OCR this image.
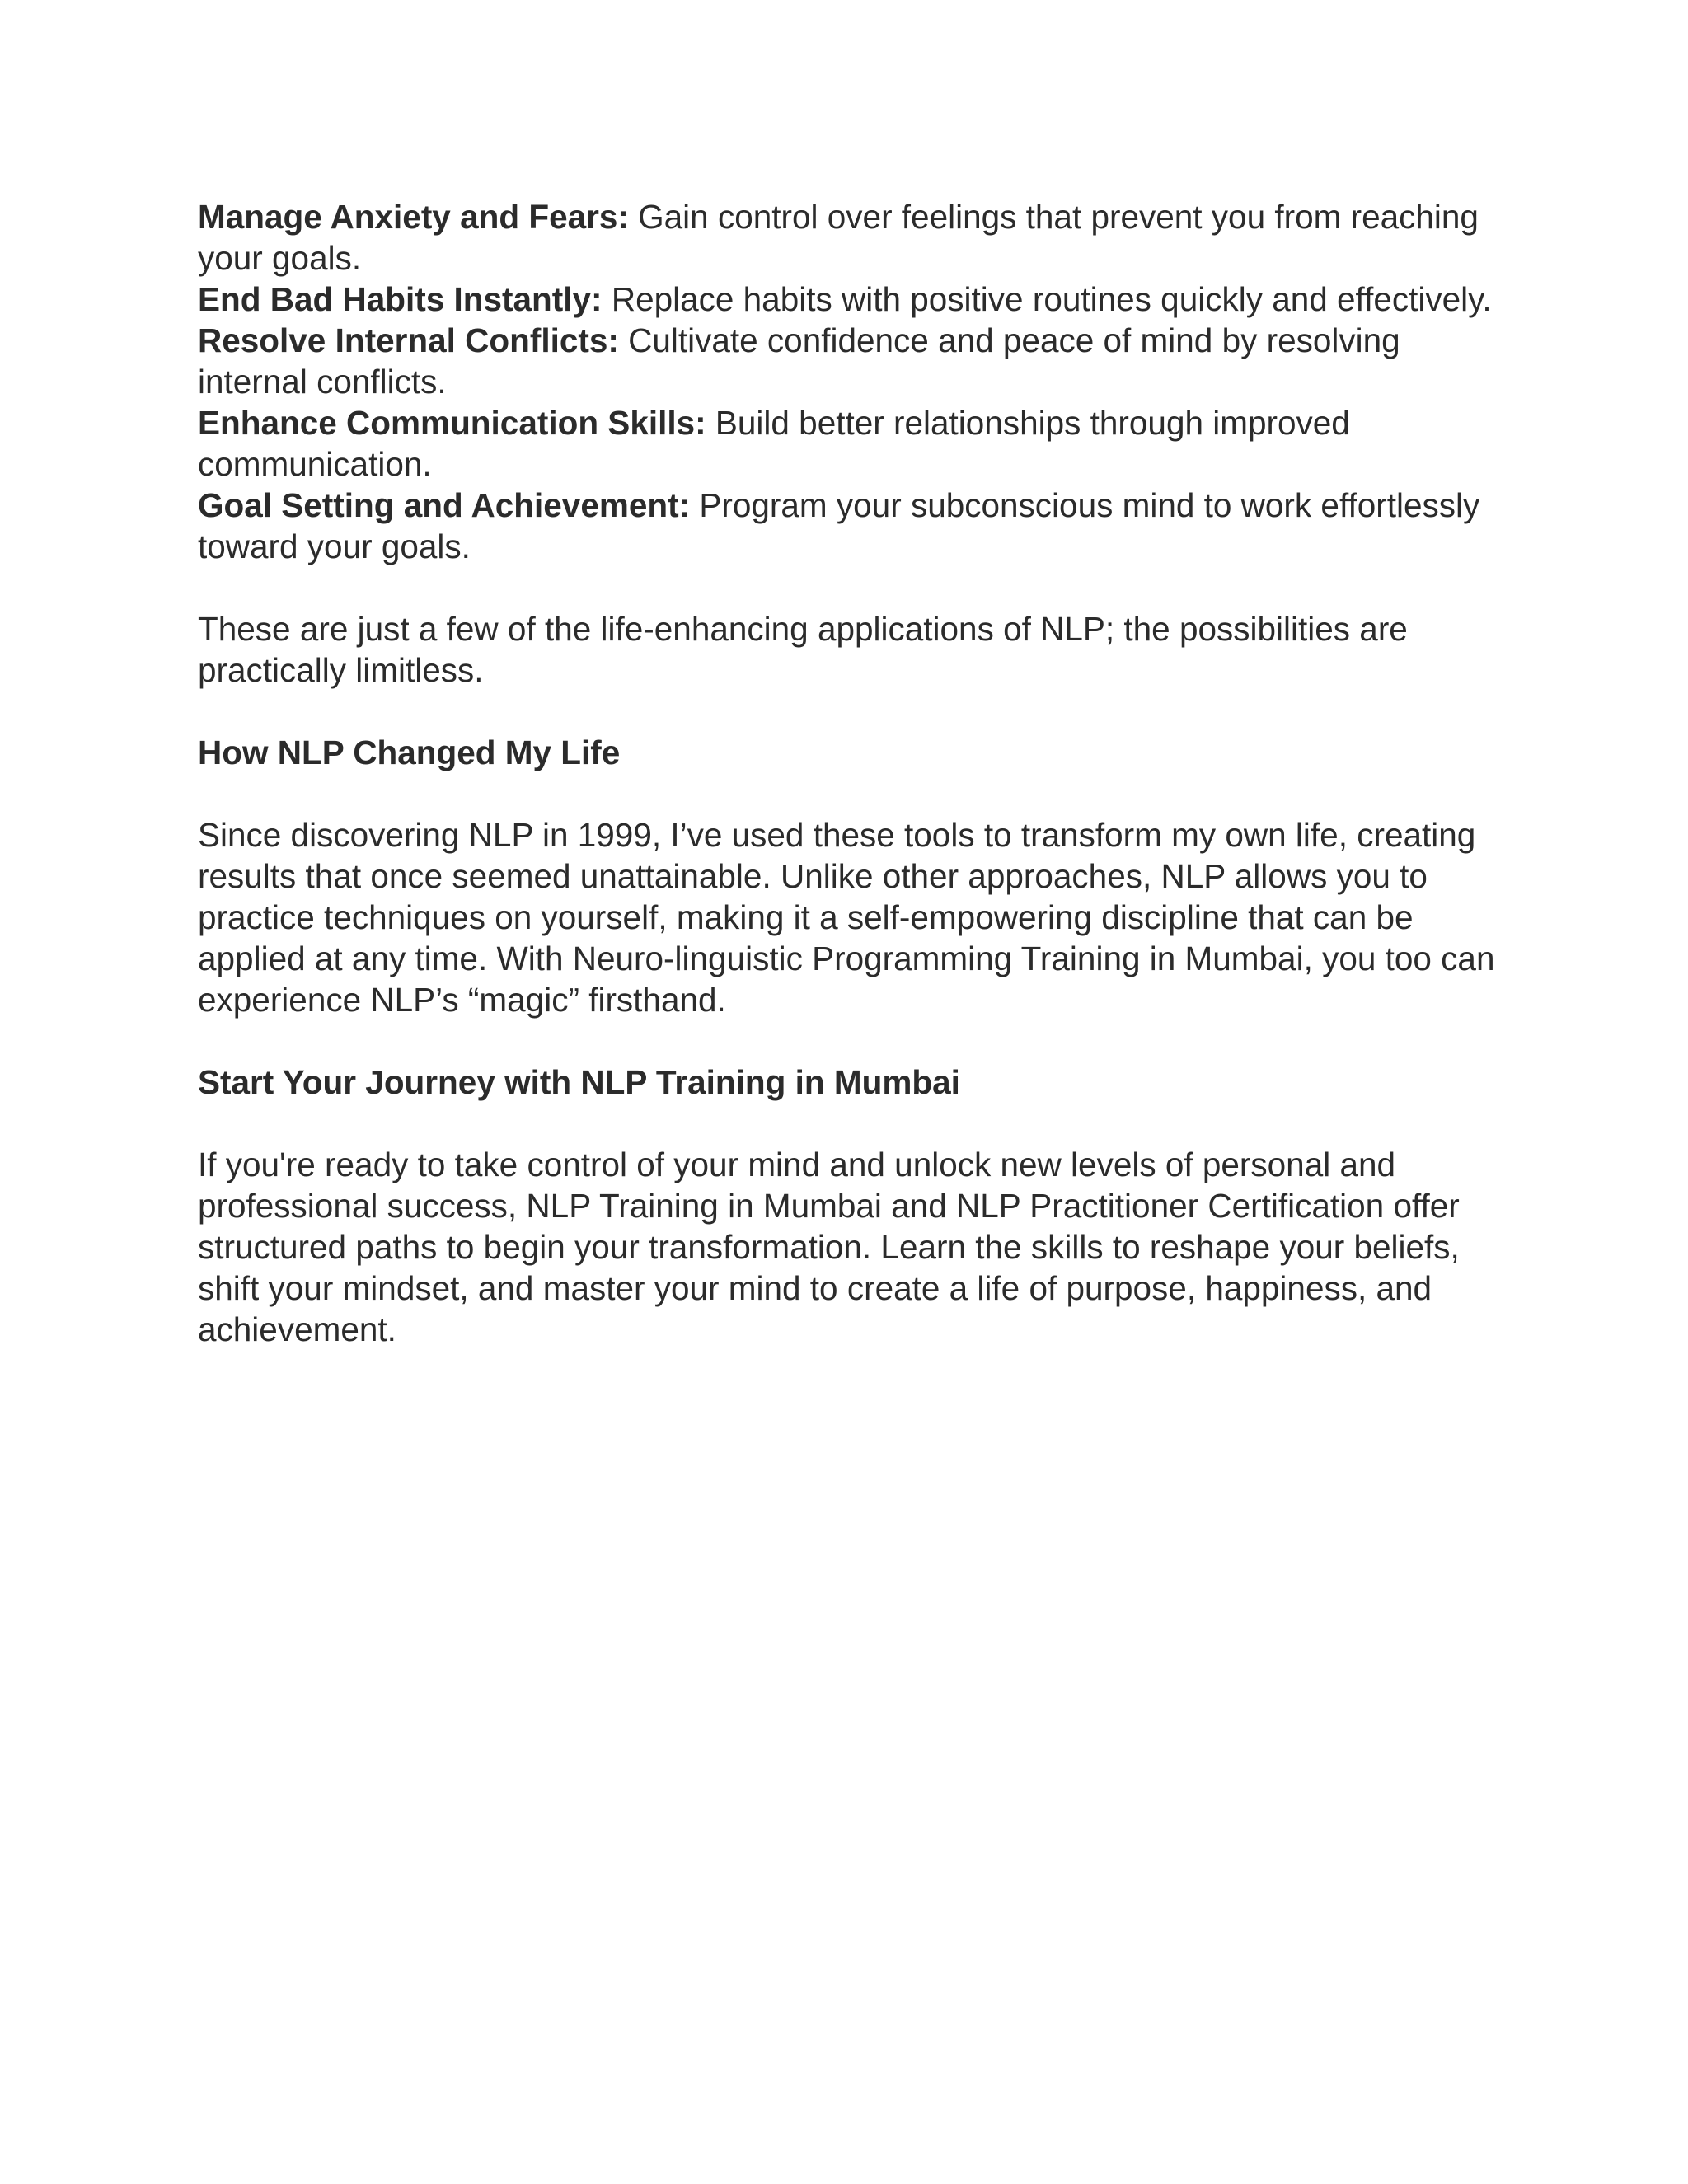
Manage Anxiety and Fears: Gain control over feelings that prevent you from reaching your goals.

End Bad Habits Instantly: Replace habits with positive routines quickly and effectively.

Resolve Internal Conflicts: Cultivate confidence and peace of mind by resolving internal conflicts.

Enhance Communication Skills: Build better relationships through improved communication.

Goal Setting and Achievement: Program your subconscious mind to work effortlessly toward your goals.

These are just a few of the life-enhancing applications of NLP; the possibilities are practically limitless.

How NLP Changed My Life

Since discovering NLP in 1999, I’ve used these tools to transform my own life, creating results that once seemed unattainable. Unlike other approaches, NLP allows you to practice techniques on yourself, making it a self-empowering discipline that can be applied at any time. With Neuro-linguistic Programming Training in Mumbai, you too can experience NLP’s “magic” firsthand.

Start Your Journey with NLP Training in Mumbai

If you're ready to take control of your mind and unlock new levels of personal and professional success, NLP Training in Mumbai and NLP Practitioner Certification offer structured paths to begin your transformation. Learn the skills to reshape your beliefs, shift your mindset, and master your mind to create a life of purpose, happiness, and achievement.
